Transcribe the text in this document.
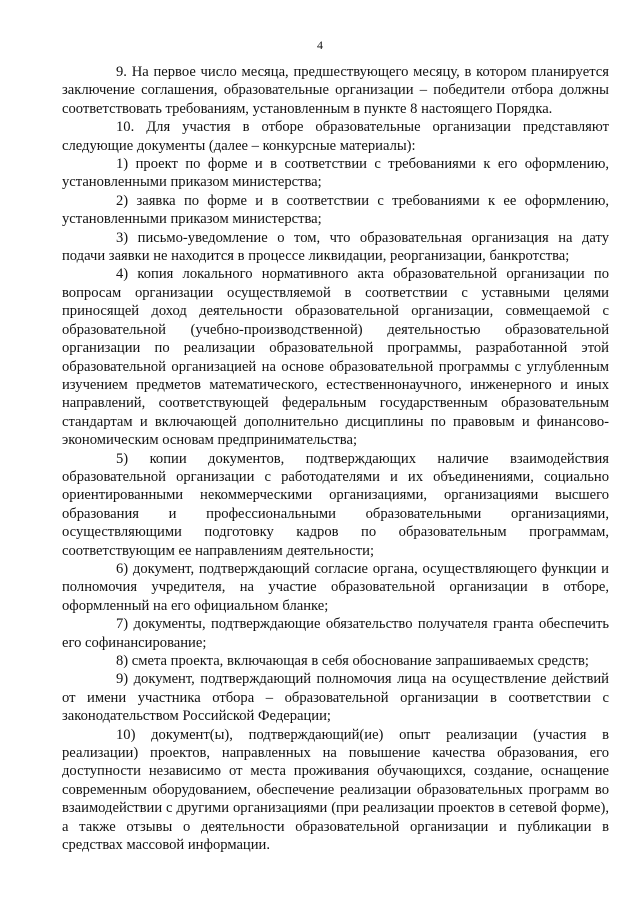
4

9. На первое число месяца, предшествующего месяцу, в котором планируется заключение соглашения, образовательные организации – победители отбора должны соответствовать требованиям, установленным в пункте 8 настоящего Порядка.

10. Для участия в отборе образовательные организации представляют следующие документы (далее – конкурсные материалы):

1) проект по форме и в соответствии с требованиями к его оформлению, установленными приказом министерства;

2) заявка по форме и в соответствии с требованиями к ее оформлению, установленными приказом министерства;

3) письмо-уведомление о том, что образовательная организация на дату подачи заявки не находится в процессе ликвидации, реорганизации, банкротства;

4) копия локального нормативного акта образовательной организации по вопросам организации осуществляемой в соответствии с уставными целями приносящей доход деятельности образовательной организации, совмещаемой с образовательной (учебно-производственной) деятельностью образовательной организации по реализации образовательной программы, разработанной этой образовательной организацией на основе образовательной программы с углубленным изучением предметов математического, естественнонаучного, инженерного и иных направлений, соответствующей федеральным государственным образовательным стандартам и включающей дополнительно дисциплины по правовым и финансово-экономическим основам предпринимательства;

5) копии документов, подтверждающих наличие взаимодействия образовательной организации с работодателями и их объединениями, социально ориентированными некоммерческими организациями, организациями высшего образования и профессиональными образовательными организациями, осуществляющими подготовку кадров по образовательным программам, соответствующим ее направлениям деятельности;

6) документ, подтверждающий согласие органа, осуществляющего функции и полномочия учредителя, на участие образовательной организации в отборе, оформленный на его официальном бланке;

7) документы, подтверждающие обязательство получателя гранта обеспечить его софинансирование;

8) смета проекта, включающая в себя обоснование запрашиваемых средств;

9) документ, подтверждающий полномочия лица на осуществление действий от имени участника отбора – образовательной организации в соответствии с законодательством Российской Федерации;

10) документ(ы), подтверждающий(ие) опыт реализации (участия в реализации) проектов, направленных на повышение качества образования, его доступности независимо от места проживания обучающихся, создание, оснащение современным оборудованием, обеспечение реализации образовательных программ во взаимодействии с другими организациями (при реализации проектов в сетевой форме), а также отзывы о деятельности образовательной организации и публикации в средствах массовой информации.
